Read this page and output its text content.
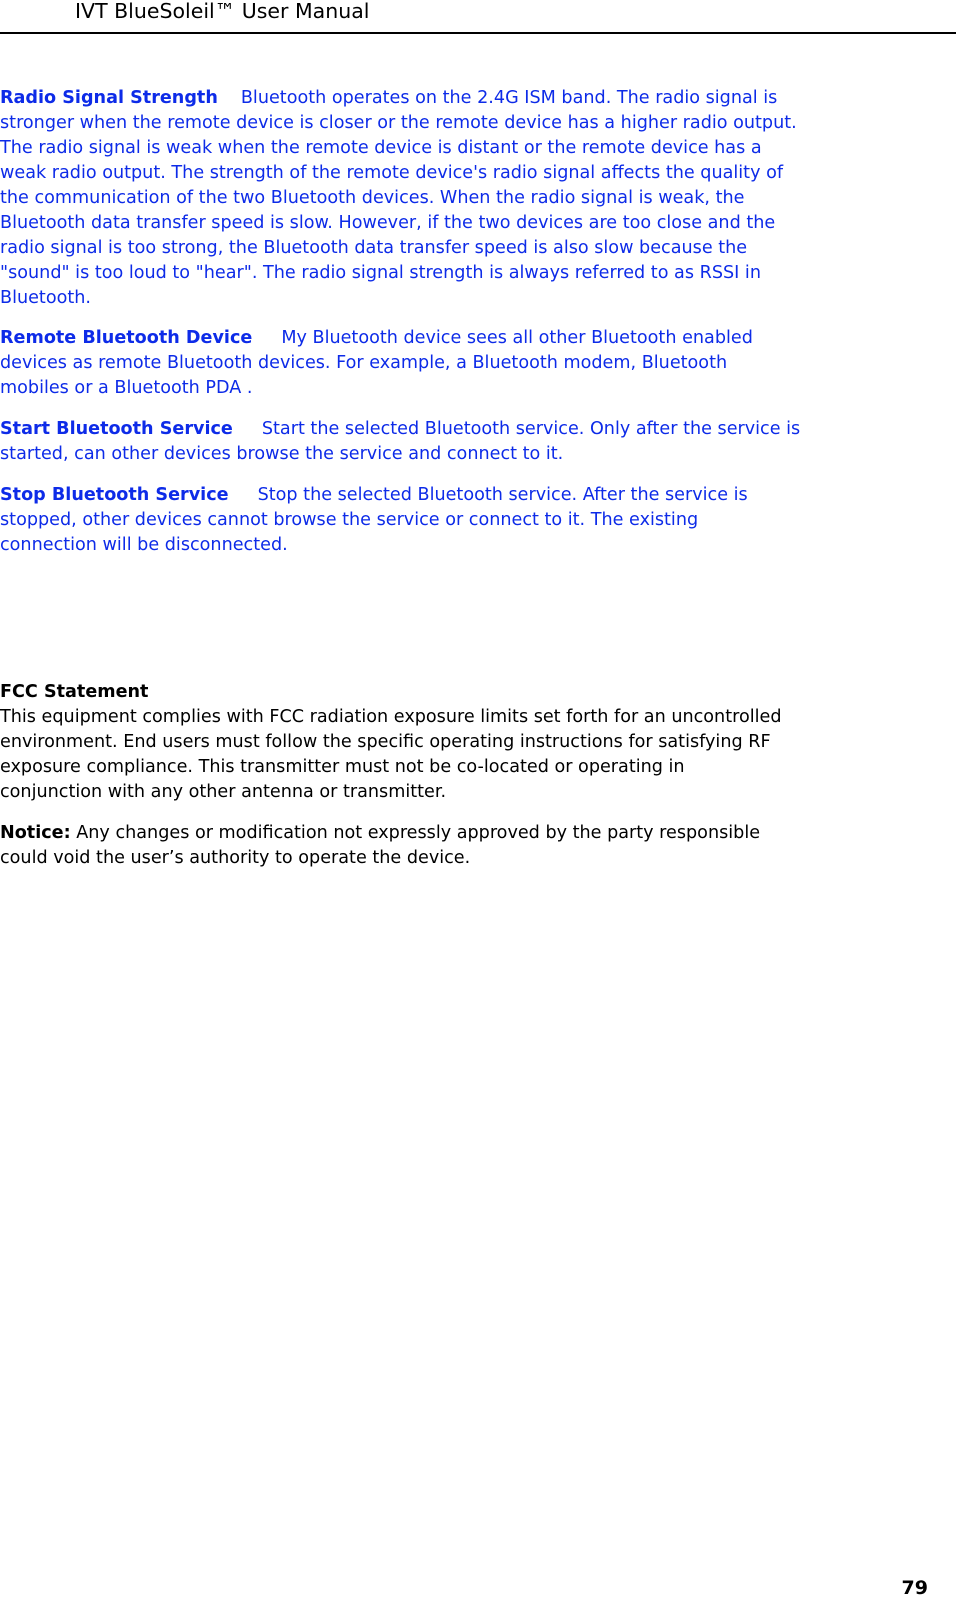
IVT BlueSoleil™ User Manual

Radio Signal Strength Bluetooth operates on the 2.4G ISM band. The radio signal is
stronger when the remote device is closer or the remote device has a higher radio output.
The radio signal is weak when the remote device is distant or the remote device has a
weak radio output. The strength of the remote device's radio signal affects the quality of
the communication of the two Bluetooth devices. When the radio signal is weak, the
Bluetooth data transfer speed is slow. However, if the two devices are too close and the
radio signal is too strong, the Bluetooth data transfer speed is also slow because the
"sound" is too loud to "hear". The radio signal strength is always referred to as RSSI in
Bluetooth.

Remote Bluetooth Device My Bluetooth device sees all other Bluetooth enabled
devices as remote Bluetooth devices. For example, a Bluetooth modem, Bluetooth
mobiles or a Bluetooth PDA .

Start Bluetooth Service Start the selected Bluetooth service. Only after the service is
started, can other devices browse the service and connect to it.

Stop Bluetooth Service Stop the selected Bluetooth service. After the service is
stopped, other devices cannot browse the service or connect to it. The existing
connection will be disconnected.

FCC Statement
This equipment complies with FCC radiation exposure limits set forth for an uncontrolled
environment. End users must follow the specific operating instructions for satisfying RF
exposure compliance. This transmitter must not be co-located or operating in
conjunction with any other antenna or transmitter.

Notice: Any changes or modification not expressly approved by the party responsible
could void the user’s authority to operate the device.

79
